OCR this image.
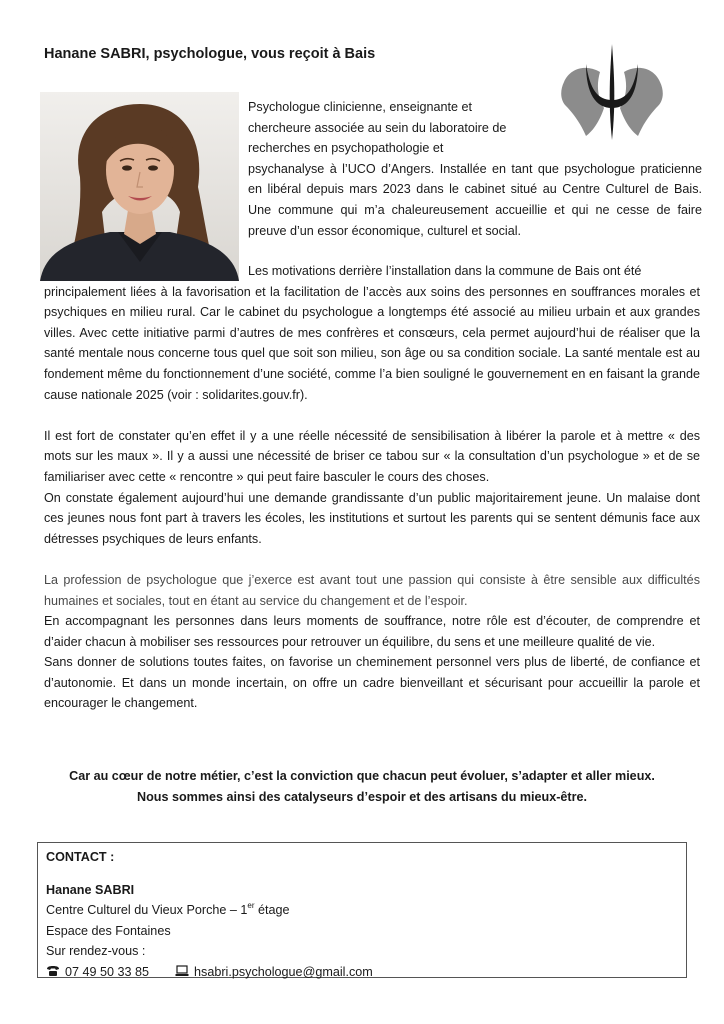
Hanane SABRI, psychologue, vous reçoit à Bais

Psychologue clinicienne, enseignante et

chercheure associée au sein du laboratoire de

recherches en psychopathologie et

psychanalyse à l’UCO d’Angers. Installée en tant que psychologue praticienne en libéral depuis mars 2023 dans le cabinet situé au Centre Culturel de Bais. Une commune qui m’a chaleureusement accueillie et qui ne cesse de faire preuve d’un essor économique, culturel et social.

Les motivations derrière l’installation dans la commune de Bais ont été

principalement liées à la favorisation et la facilitation de l’accès aux soins des personnes en souffrances morales et psychiques en milieu rural. Car le cabinet du psychologue a longtemps été associé au milieu urbain et aux grandes villes. Avec cette initiative parmi d’autres de mes confrères et consœurs, cela permet aujourd’hui de réaliser que la santé mentale nous concerne tous quel que soit son milieu, son âge ou sa condition sociale. La santé mentale est au fondement même du fonctionnement d’une société, comme l’a bien souligné le gouvernement en en faisant la grande cause nationale 2025 (voir : solidarites.gouv.fr).

Il est fort de constater qu’en effet il y a une réelle nécessité de sensibilisation à libérer la parole et à mettre « des mots sur les maux ». Il y a aussi une nécessité de briser ce tabou sur « la consultation d’un psychologue » et de se familiariser avec cette « rencontre » qui peut faire basculer le cours des choses.

On constate également aujourd’hui une demande grandissante d’un public majoritairement jeune. Un malaise dont ces jeunes nous font part à travers les écoles, les institutions et surtout les parents qui se sentent démunis face aux détresses psychiques de leurs enfants.

La profession de psychologue que j’exerce est avant tout une passion qui consiste à être sensible aux difficultés humaines et sociales, tout en étant au service du changement et de l’espoir.

En accompagnant les personnes dans leurs moments de souffrance, notre rôle est d’écouter, de comprendre et d’aider chacun à mobiliser ses ressources pour retrouver un équilibre, du sens et une meilleure qualité de vie.

Sans donner de solutions toutes faites, on favorise un cheminement personnel vers plus de liberté, de confiance et d’autonomie. Et dans un monde incertain, on offre un cadre bienveillant et sécurisant pour accueillir la parole et encourager le changement.

Car au cœur de notre métier, c’est la conviction que chacun peut évoluer, s’adapter et aller mieux.
Nous sommes ainsi des catalyseurs d’espoir et des artisans du mieux-être.
CONTACT :
Hanane SABRI
Centre Culturel du Vieux Porche – 1er étage
Espace des Fontaines
Sur rendez-vous :
07 49 50 33 85	hsabri.psychologue@gmail.com
